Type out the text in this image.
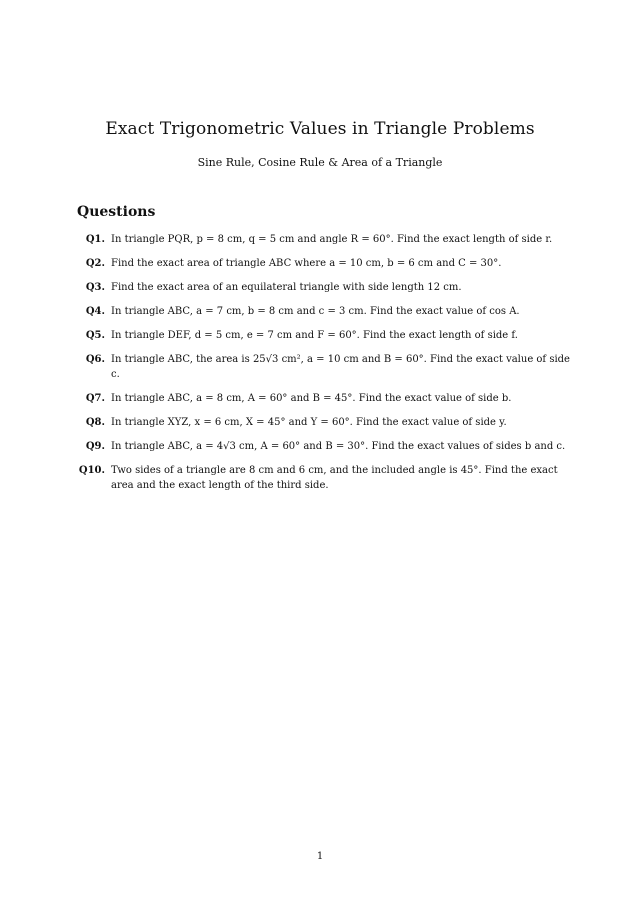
Exact Trigonometric Values in Triangle Problems
Sine Rule, Cosine Rule & Area of a Triangle
Questions
Q1. In triangle PQR, p = 8 cm, q = 5 cm and angle R = 60°. Find the exact length of side r.
Q2. Find the exact area of triangle ABC where a = 10 cm, b = 6 cm and C = 30°.
Q3. Find the exact area of an equilateral triangle with side length 12 cm.
Q4. In triangle ABC, a = 7 cm, b = 8 cm and c = 3 cm. Find the exact value of cos A.
Q5. In triangle DEF, d = 5 cm, e = 7 cm and F = 60°. Find the exact length of side f.
Q6. In triangle ABC, the area is 25√3 cm², a = 10 cm and B = 60°. Find the exact value of side c.
Q7. In triangle ABC, a = 8 cm, A = 60° and B = 45°. Find the exact value of side b.
Q8. In triangle XYZ, x = 6 cm, X = 45° and Y = 60°. Find the exact value of side y.
Q9. In triangle ABC, a = 4√3 cm, A = 60° and B = 30°. Find the exact values of sides b and c.
Q10. Two sides of a triangle are 8 cm and 6 cm, and the included angle is 45°. Find the exact area and the exact length of the third side.
1
